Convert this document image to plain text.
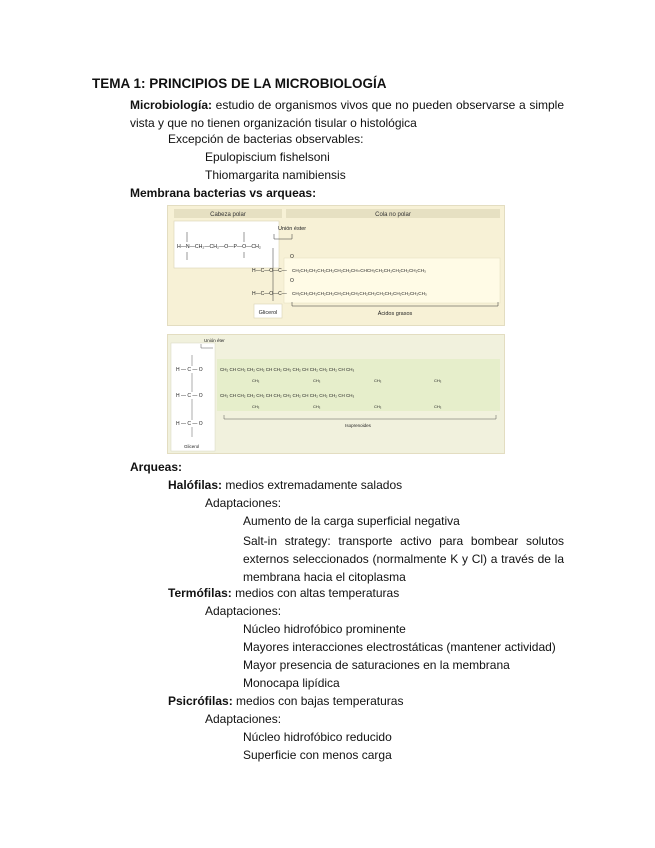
TEMA 1: PRINCIPIOS DE LA MICROBIOLOGÍA
Microbiología: estudio de organismos vivos que no pueden observarse a simple vista y que no tienen organización tisular o histológica
Excepción de bacterias observables:
Epulopiscium fishelsoni
Thiomargarita namibiensis
Membrana bacterias vs arqueas:
Cabeza polar	Cola no polar
H—N—CH₂—CH₂—O—P—O—CH₂
Glicerol
Unión éster
H—C—O—C—
H—C—O—C—
CH₂CH₂CH₂CH₂CH₂CH₂CH₂CH=CHCH₂CH₂CH₂CH₂CH₂CH₂CH₃
CH₂CH₂CH₂CH₂CH₂CH₂CH₂CH₂CH₂CH₂CH₂CH₂CH₂CH₂CH₂CH₃
O
O
Ácidos grasos
Unión éter
H — C — O
H — C — O
H — C — O
Glicerol
CH₂ CH CH₂ CH₂ CH₂ CH CH₂ CH₂ CH₂ CH CH₂ CH₂ CH₂ CH CH₃
CH₂ CH CH₂ CH₂ CH₂ CH CH₂ CH₂ CH₂ CH CH₂ CH₂ CH₂ CH CH₃
CH₃	CH₃	CH₃	CH₃
CH₃	CH₃	CH₃	CH₃
Isoprenoides
Arqueas:
Halófilas: medios extremadamente salados
Adaptaciones:
Aumento de la carga superficial negativa
Salt-in strategy: transporte activo para bombear solutos externos seleccionados (normalmente K y Cl) a través de la membrana hacia el citoplasma
Termófilas: medios con altas temperaturas
Adaptaciones:
Núcleo hidrofóbico prominente
Mayores interacciones electrostáticas (mantener actividad)
Mayor presencia de saturaciones en la membrana
Monocapa lipídica
Psicrófilas: medios con bajas temperaturas
Adaptaciones:
Núcleo hidrofóbico reducido
Superficie con menos carga
